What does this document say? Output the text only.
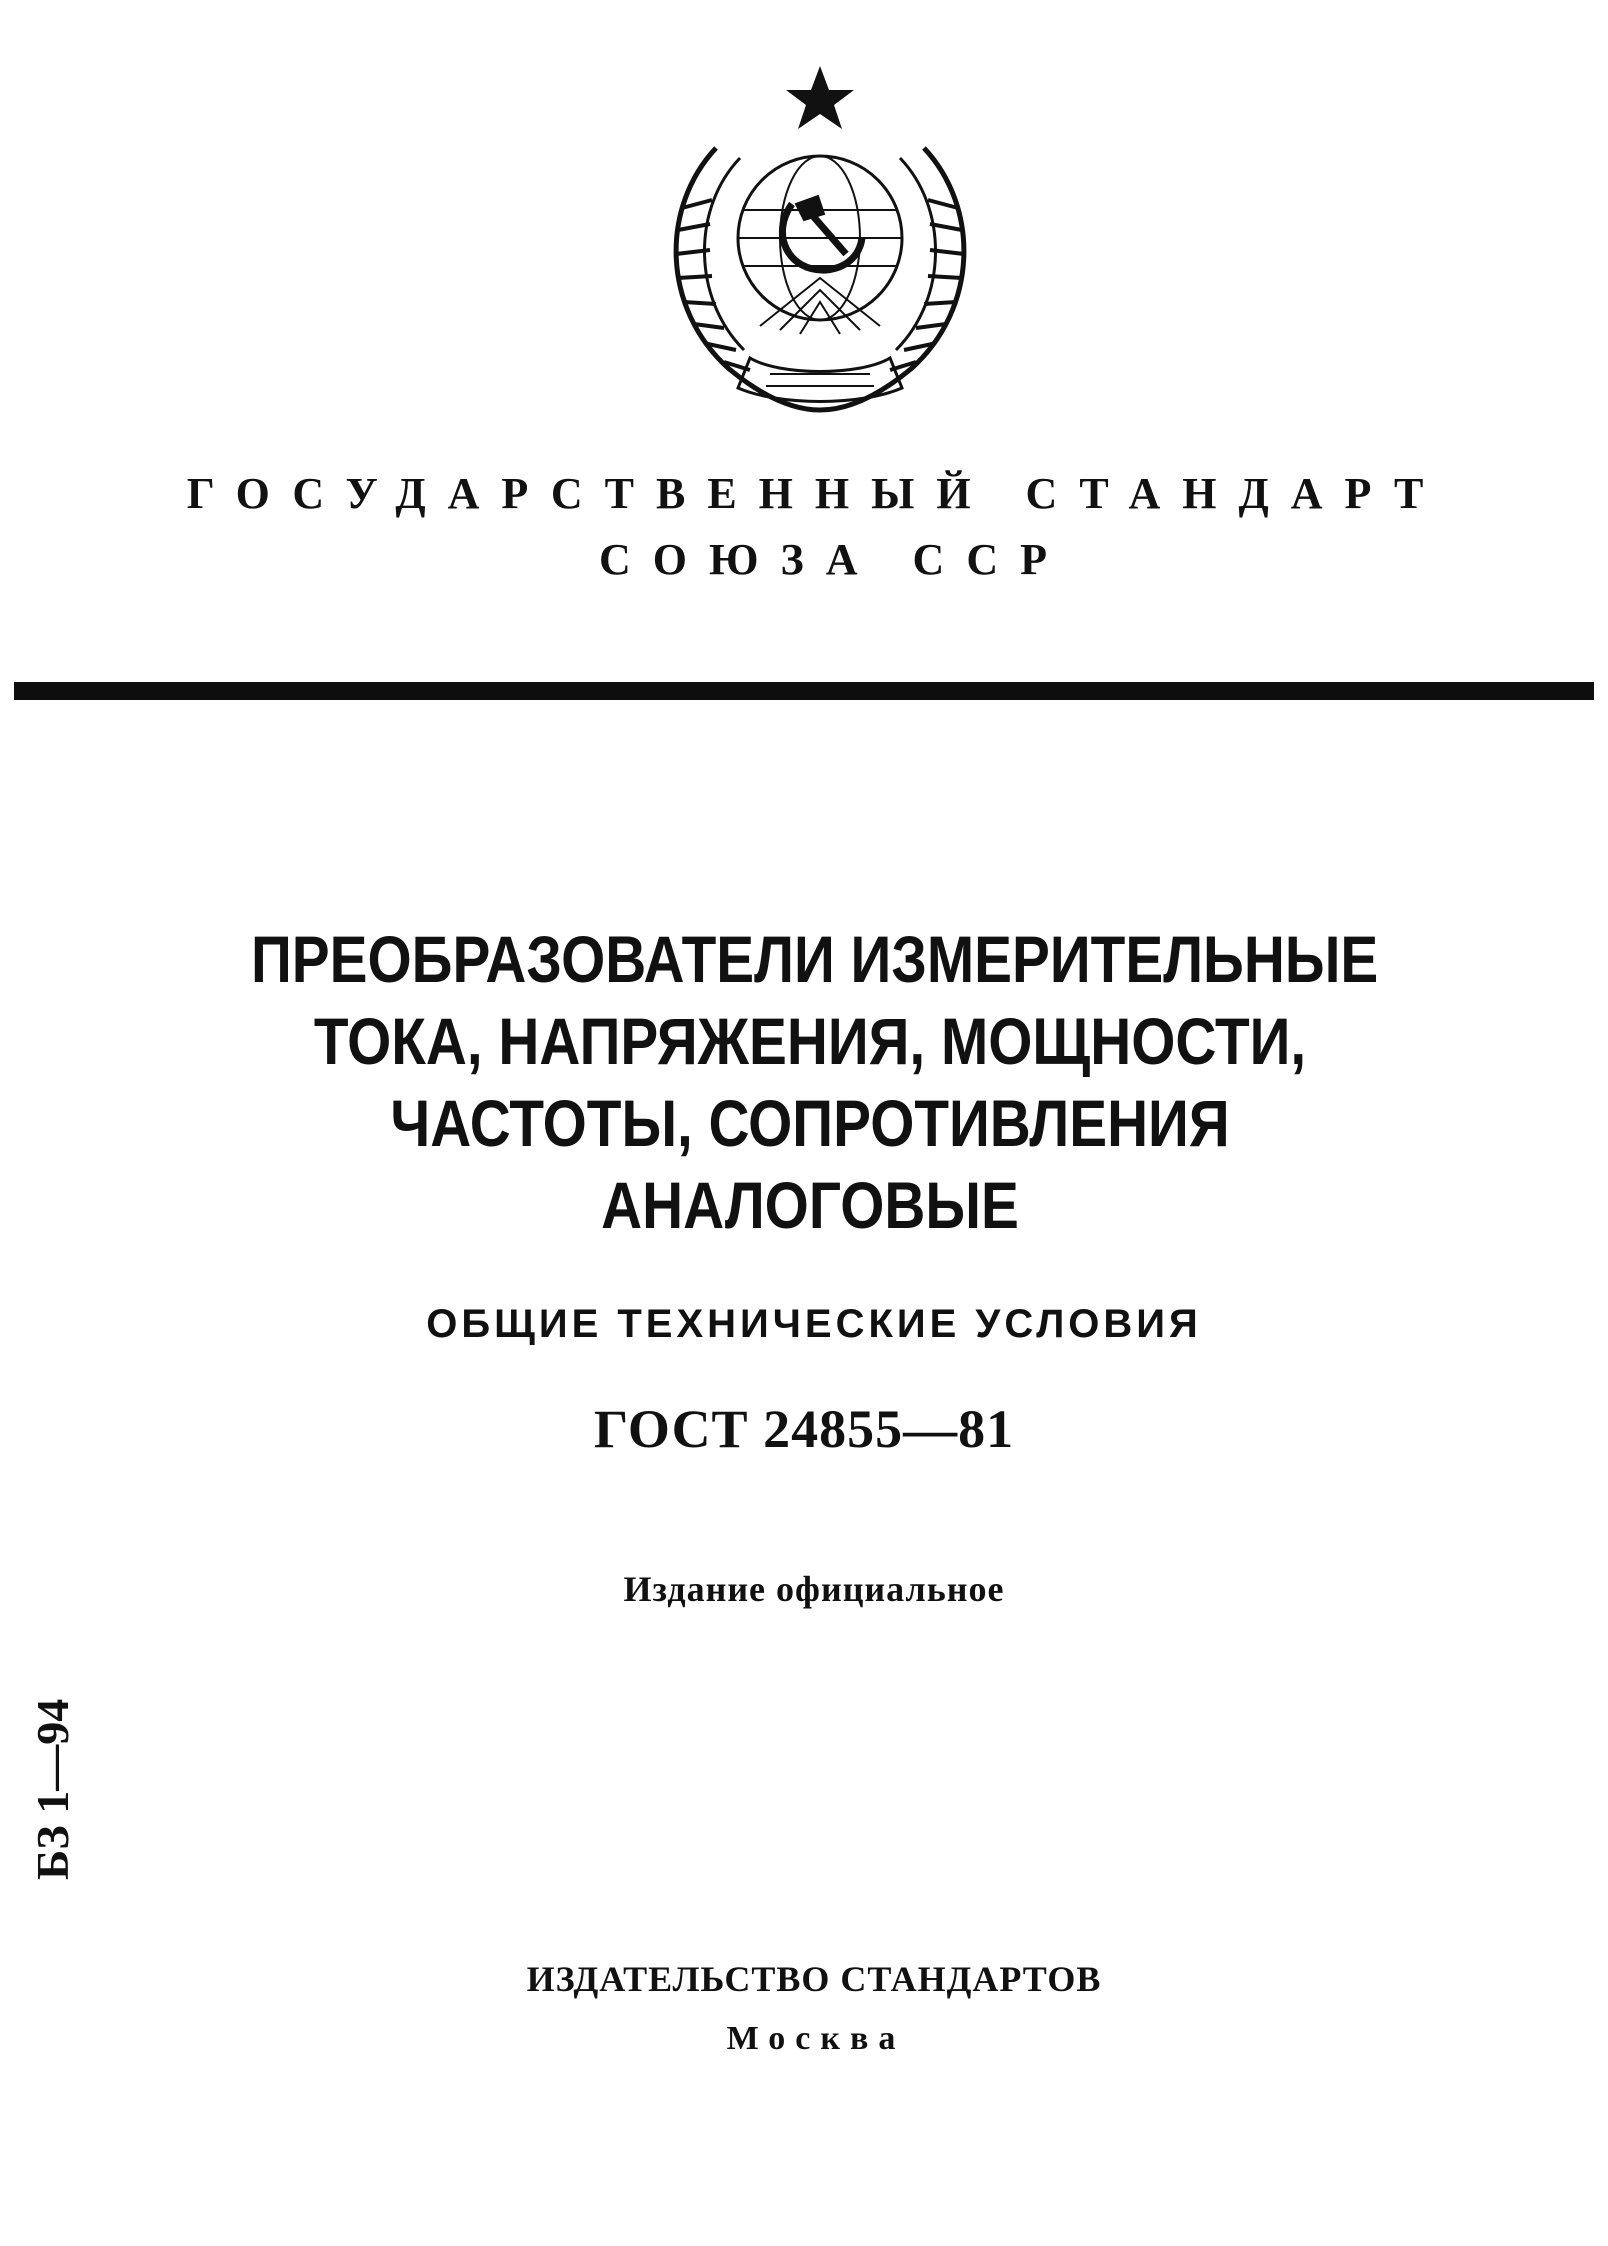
ГОСУДАРСТВЕННЫЙ СТАНДАРТ
СОЮЗА ССР
ПРЕОБРАЗОВАТЕЛИ ИЗМЕРИТЕЛЬНЫЕ
ТОКА, НАПРЯЖЕНИЯ, МОЩНОСТИ,
ЧАСТОТЫ, СОПРОТИВЛЕНИЯ
АНАЛОГОВЫЕ
ОБЩИЕ ТЕХНИЧЕСКИЕ УСЛОВИЯ
ГОСТ 24855—81
Издание официальное
БЗ 1—94
ИЗДАТЕЛЬСТВО СТАНДАРТОВ
Москва
